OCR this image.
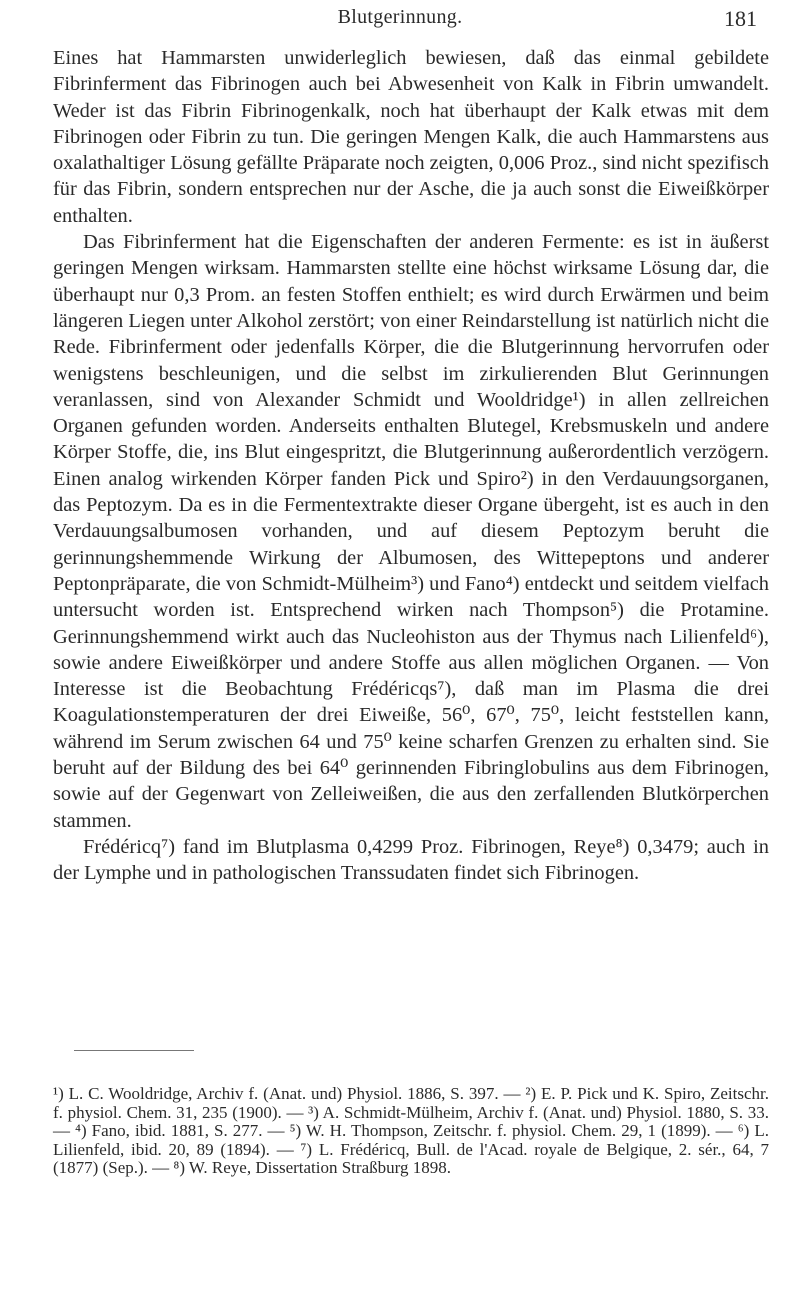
Blutgerinnung.	181

Eines hat Hammarsten unwiderleglich bewiesen, daß das einmal gebildete Fibrinferment das Fibrinogen auch bei Abwesenheit von Kalk in Fibrin umwandelt. Weder ist das Fibrin Fibrinogenkalk, noch hat überhaupt der Kalk etwas mit dem Fibrinogen oder Fibrin zu tun. Die geringen Mengen Kalk, die auch Hammarstens aus oxalathaltiger Lösung gefällte Präparate noch zeigten, 0,006 Proz., sind nicht spezifisch für das Fibrin, sondern entsprechen nur der Asche, die ja auch sonst die Eiweißkörper enthalten.

Das Fibrinferment hat die Eigenschaften der anderen Fermente: es ist in äußerst geringen Mengen wirksam. Hammarsten stellte eine höchst wirksame Lösung dar, die überhaupt nur 0,3 Prom. an festen Stoffen enthielt; es wird durch Erwärmen und beim längeren Liegen unter Alkohol zerstört; von einer Reindarstellung ist natürlich nicht die Rede. Fibrinferment oder jedenfalls Körper, die die Blutgerinnung hervorrufen oder wenigstens beschleunigen, und die selbst im zirkulierenden Blut Gerinnungen veranlassen, sind von Alexander Schmidt und Wooldridge¹) in allen zellreichen Organen gefunden worden. Anderseits enthalten Blutegel, Krebsmuskeln und andere Körper Stoffe, die, ins Blut eingespritzt, die Blutgerinnung außerordentlich verzögern. Einen analog wirkenden Körper fanden Pick und Spiro²) in den Verdauungsorganen, das Peptozym. Da es in die Fermentextrakte dieser Organe übergeht, ist es auch in den Verdauungsalbumosen vorhanden, und auf diesem Peptozym beruht die gerinnungshemmende Wirkung der Albumosen, des Wittepeptons und anderer Peptonpräparate, die von Schmidt-Mülheim³) und Fano⁴) entdeckt und seitdem vielfach untersucht worden ist. Entsprechend wirken nach Thompson⁵) die Protamine. Gerinnungshemmend wirkt auch das Nucleohiston aus der Thymus nach Lilienfeld⁶), sowie andere Eiweißkörper und andere Stoffe aus allen möglichen Organen. — Von Interesse ist die Beobachtung Frédéricqs⁷), daß man im Plasma die drei Koagulationstemperaturen der drei Eiweiße, 56⁰, 67⁰, 75⁰, leicht feststellen kann, während im Serum zwischen 64 und 75⁰ keine scharfen Grenzen zu erhalten sind. Sie beruht auf der Bildung des bei 64⁰ gerinnenden Fibringlobulins aus dem Fibrinogen, sowie auf der Gegenwart von Zelleiweißen, die aus den zerfallenden Blutkörperchen stammen.

Frédéricq⁷) fand im Blutplasma 0,4299 Proz. Fibrinogen, Reye⁸) 0,3479; auch in der Lymphe und in pathologischen Transsudaten findet sich Fibrinogen.

¹) L. C. Wooldridge, Archiv f. (Anat. und) Physiol. 1886, S. 397. — ²) E. P. Pick und K. Spiro, Zeitschr. f. physiol. Chem. 31, 235 (1900). — ³) A. Schmidt-Mülheim, Archiv f. (Anat. und) Physiol. 1880, S. 33. — ⁴) Fano, ibid. 1881, S. 277. — ⁵) W. H. Thompson, Zeitschr. f. physiol. Chem. 29, 1 (1899). — ⁶) L. Lilienfeld, ibid. 20, 89 (1894). — ⁷) L. Frédéricq, Bull. de l'Acad. royale de Belgique, 2. sér., 64, 7 (1877) (Sep.). — ⁸) W. Reye, Dissertation Straßburg 1898.
